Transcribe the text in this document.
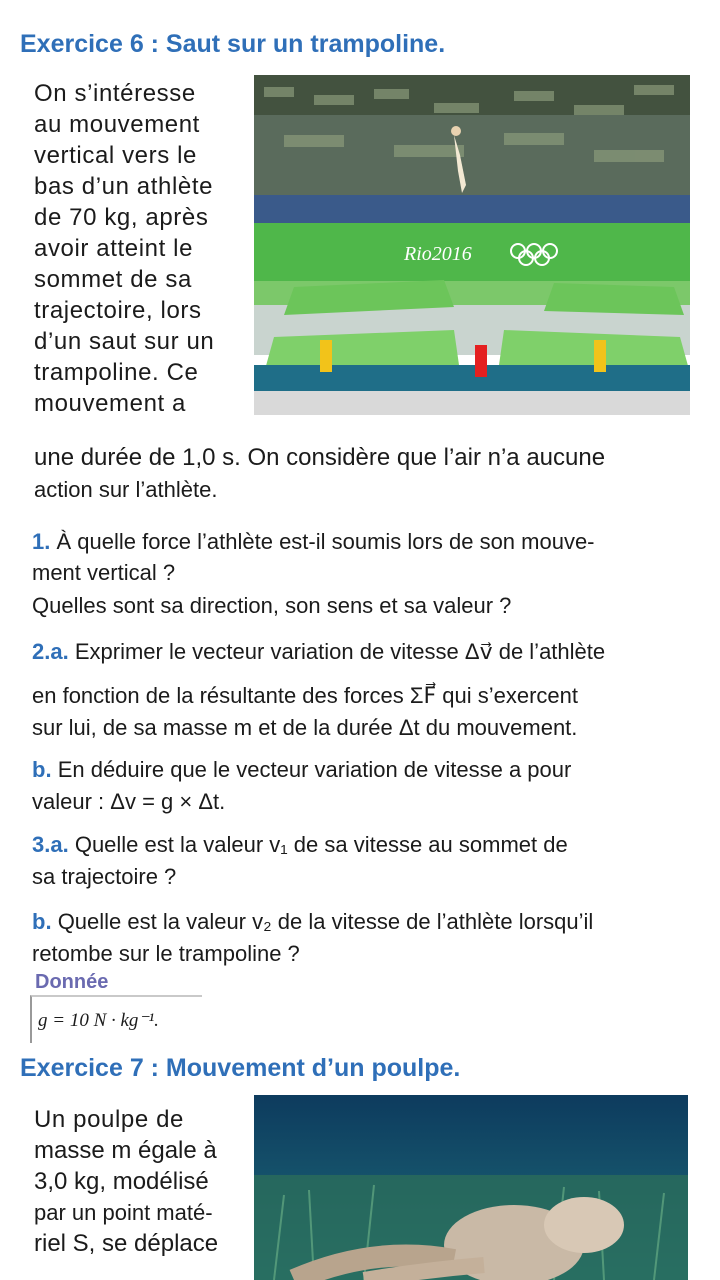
Exercice 6 : Saut sur un trampoline.

On s’intéresse

au mouvement

vertical vers le

bas d’un athlète

de 70 kg, après

avoir atteint le

sommet de sa

trajectoire, lors

d’un saut sur un

trampoline. Ce

mouvement a

une durée de 1,0 s. On considère que l’air n’a aucune

action sur l’athlète.

Rio2016

1. À quelle force l’athlète est-il soumis lors de son mouve-

ment vertical ?

Quelles sont sa direction, son sens et sa valeur ?

2.a. Exprimer le vecteur variation de vitesse Δv⃗ de l’athlète

en fonction de la résultante des forces ΣF⃗ qui s’exercent

sur lui, de sa masse m et de la durée Δt du mouvement.

b. En déduire que le vecteur variation de vitesse a pour

valeur : Δv = g × Δt.

3.a. Quelle est la valeur v₁ de sa vitesse au sommet de

sa trajectoire ?

b. Quelle est la valeur v₂ de la vitesse de l’athlète lorsqu’il

retombe sur le trampoline ?

Donnée
g = 10 N · kg⁻¹.
Exercice 7 : Mouvement d’un poulpe.

Un poulpe de

masse m égale à

3,0 kg, modélisé

par un point maté-

riel S, se déplace
